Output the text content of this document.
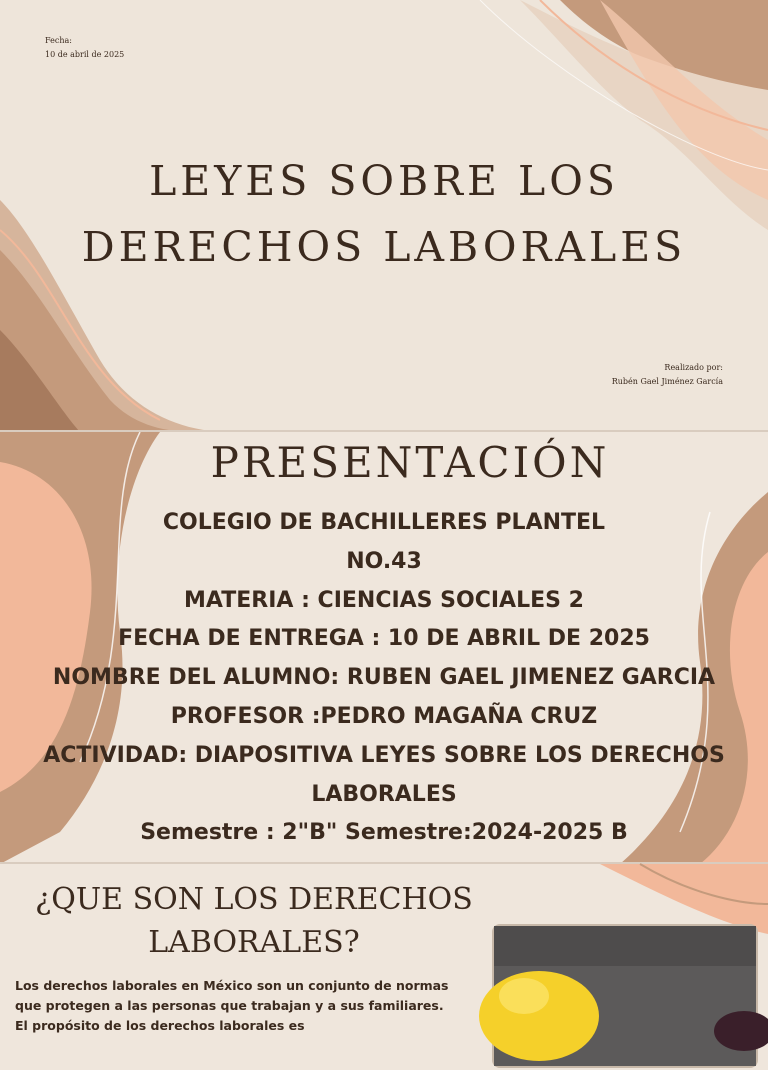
Fecha:
10 de abril de 2025
LEYES SOBRE LOS
DERECHOS LABORALES
Realizado por:
Rubén Gael Jiménez García
PRESENTACIÓN
COLEGIO DE BACHILLERES PLANTEL
NO.43
MATERIA : CIENCIAS SOCIALES 2
FECHA DE ENTREGA : 10 DE ABRIL DE 2025
NOMBRE DEL ALUMNO: RUBEN GAEL JIMENEZ GARCIA
PROFESOR :PEDRO MAGAÑA CRUZ
ACTIVIDAD: DIAPOSITIVA LEYES SOBRE LOS DERECHOS
LABORALES
Semestre : 2"B" Semestre:2024-2025 B
¿QUE SON LOS DERECHOS
LABORALES?
Los derechos laborales en México son un conjunto de normas
que protegen a las personas que trabajan y a sus familiares.
El propósito de los derechos laborales es
